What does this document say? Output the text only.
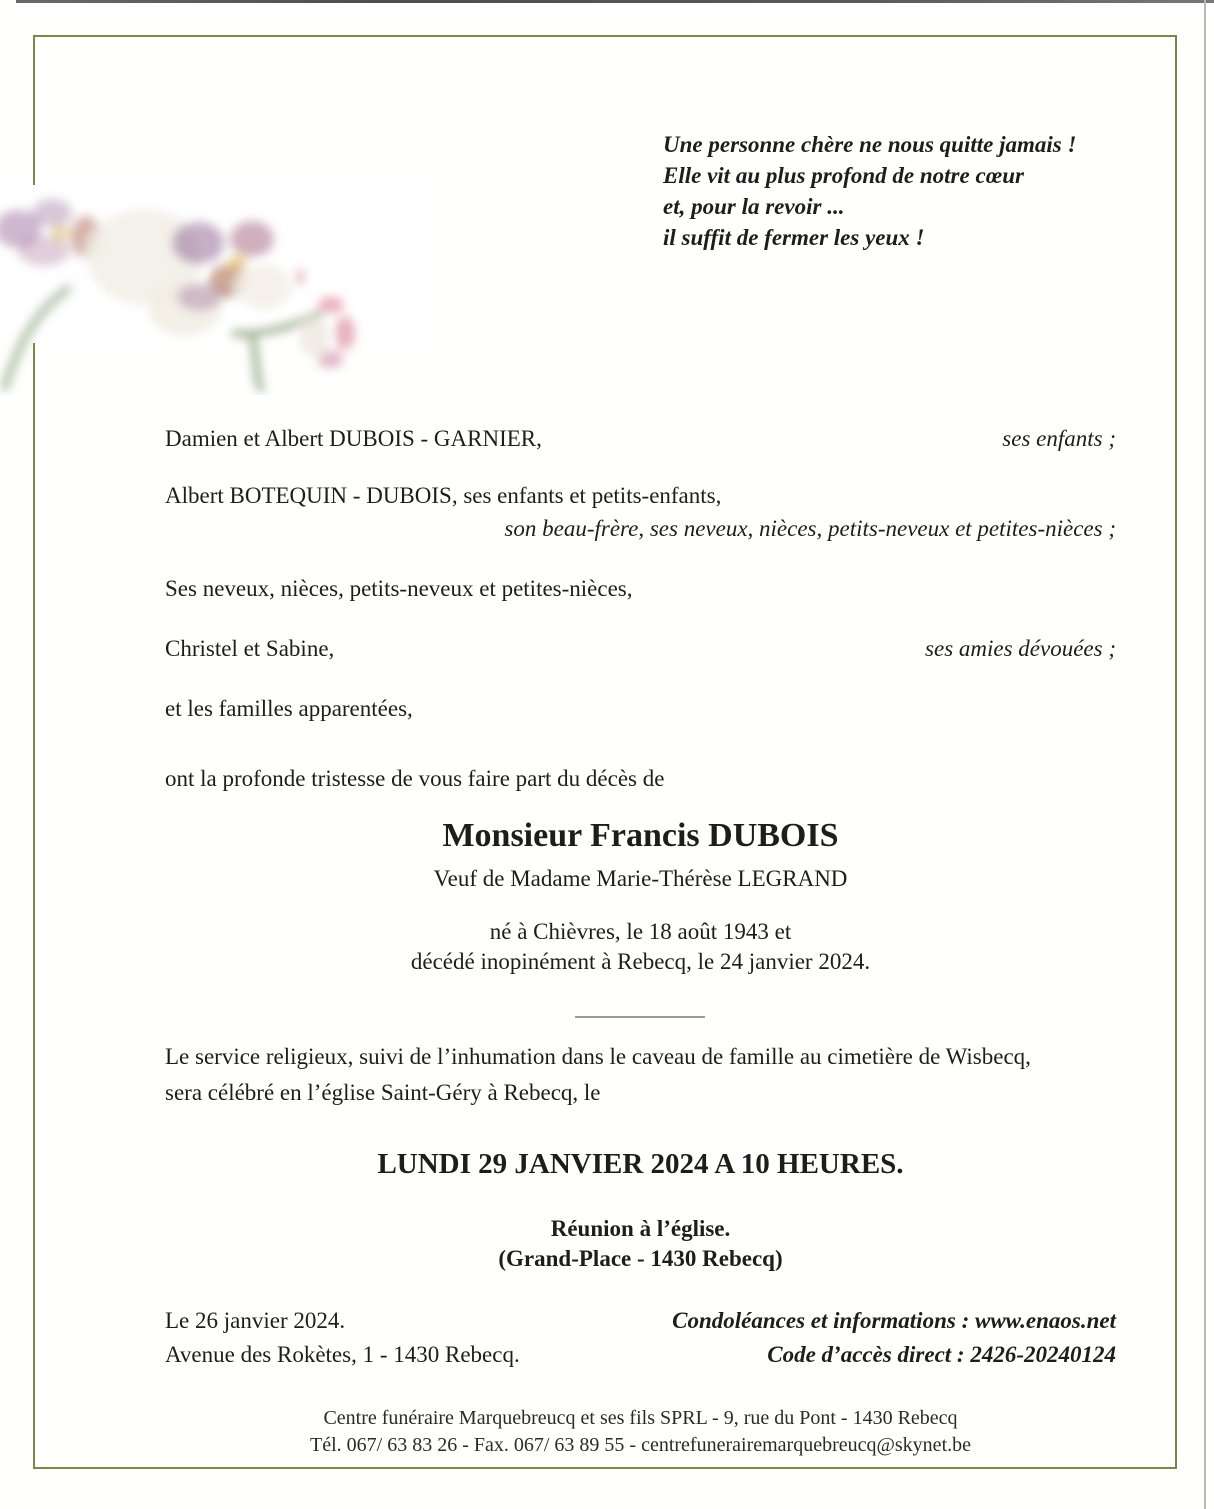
Une personne chère ne nous quitte jamais !
Elle vit au plus profond de notre cœur
et, pour la revoir ...
il suffit de fermer les yeux !
Damien et Albert DUBOIS - GARNIER,	ses enfants ;
Albert BOTEQUIN - DUBOIS, ses enfants et petits-enfants,
son beau-frère, ses neveux, nièces, petits-neveux et petites-nièces ;
Ses neveux, nièces, petits-neveux et petites-nièces,
Christel et Sabine,	ses amies dévouées ;
et les familles apparentées,
ont la profonde tristesse de vous faire part du décès de
Monsieur Francis DUBOIS
Veuf de Madame Marie-Thérèse LEGRAND
né à Chièvres, le 18 août 1943 et
décédé inopinément à Rebecq, le 24 janvier 2024.
Le service religieux, suivi de l’inhumation dans le caveau de famille au cimetière de Wisbecq,
sera célébré en l’église Saint-Géry à Rebecq, le
LUNDI 29 JANVIER 2024 A 10 HEURES.
Réunion à l’église.
(Grand-Place - 1430 Rebecq)
Le 26 janvier 2024.
Avenue des Rokètes, 1 - 1430 Rebecq.
Condoléances et informations : www.enaos.net
Code d’accès direct : 2426-20240124
Centre funéraire Marquebreucq et ses fils SPRL - 9, rue du Pont - 1430 Rebecq
Tél. 067/ 63 83 26 - Fax. 067/ 63 89 55 - centrefunerairemarquebreucq@skynet.be
